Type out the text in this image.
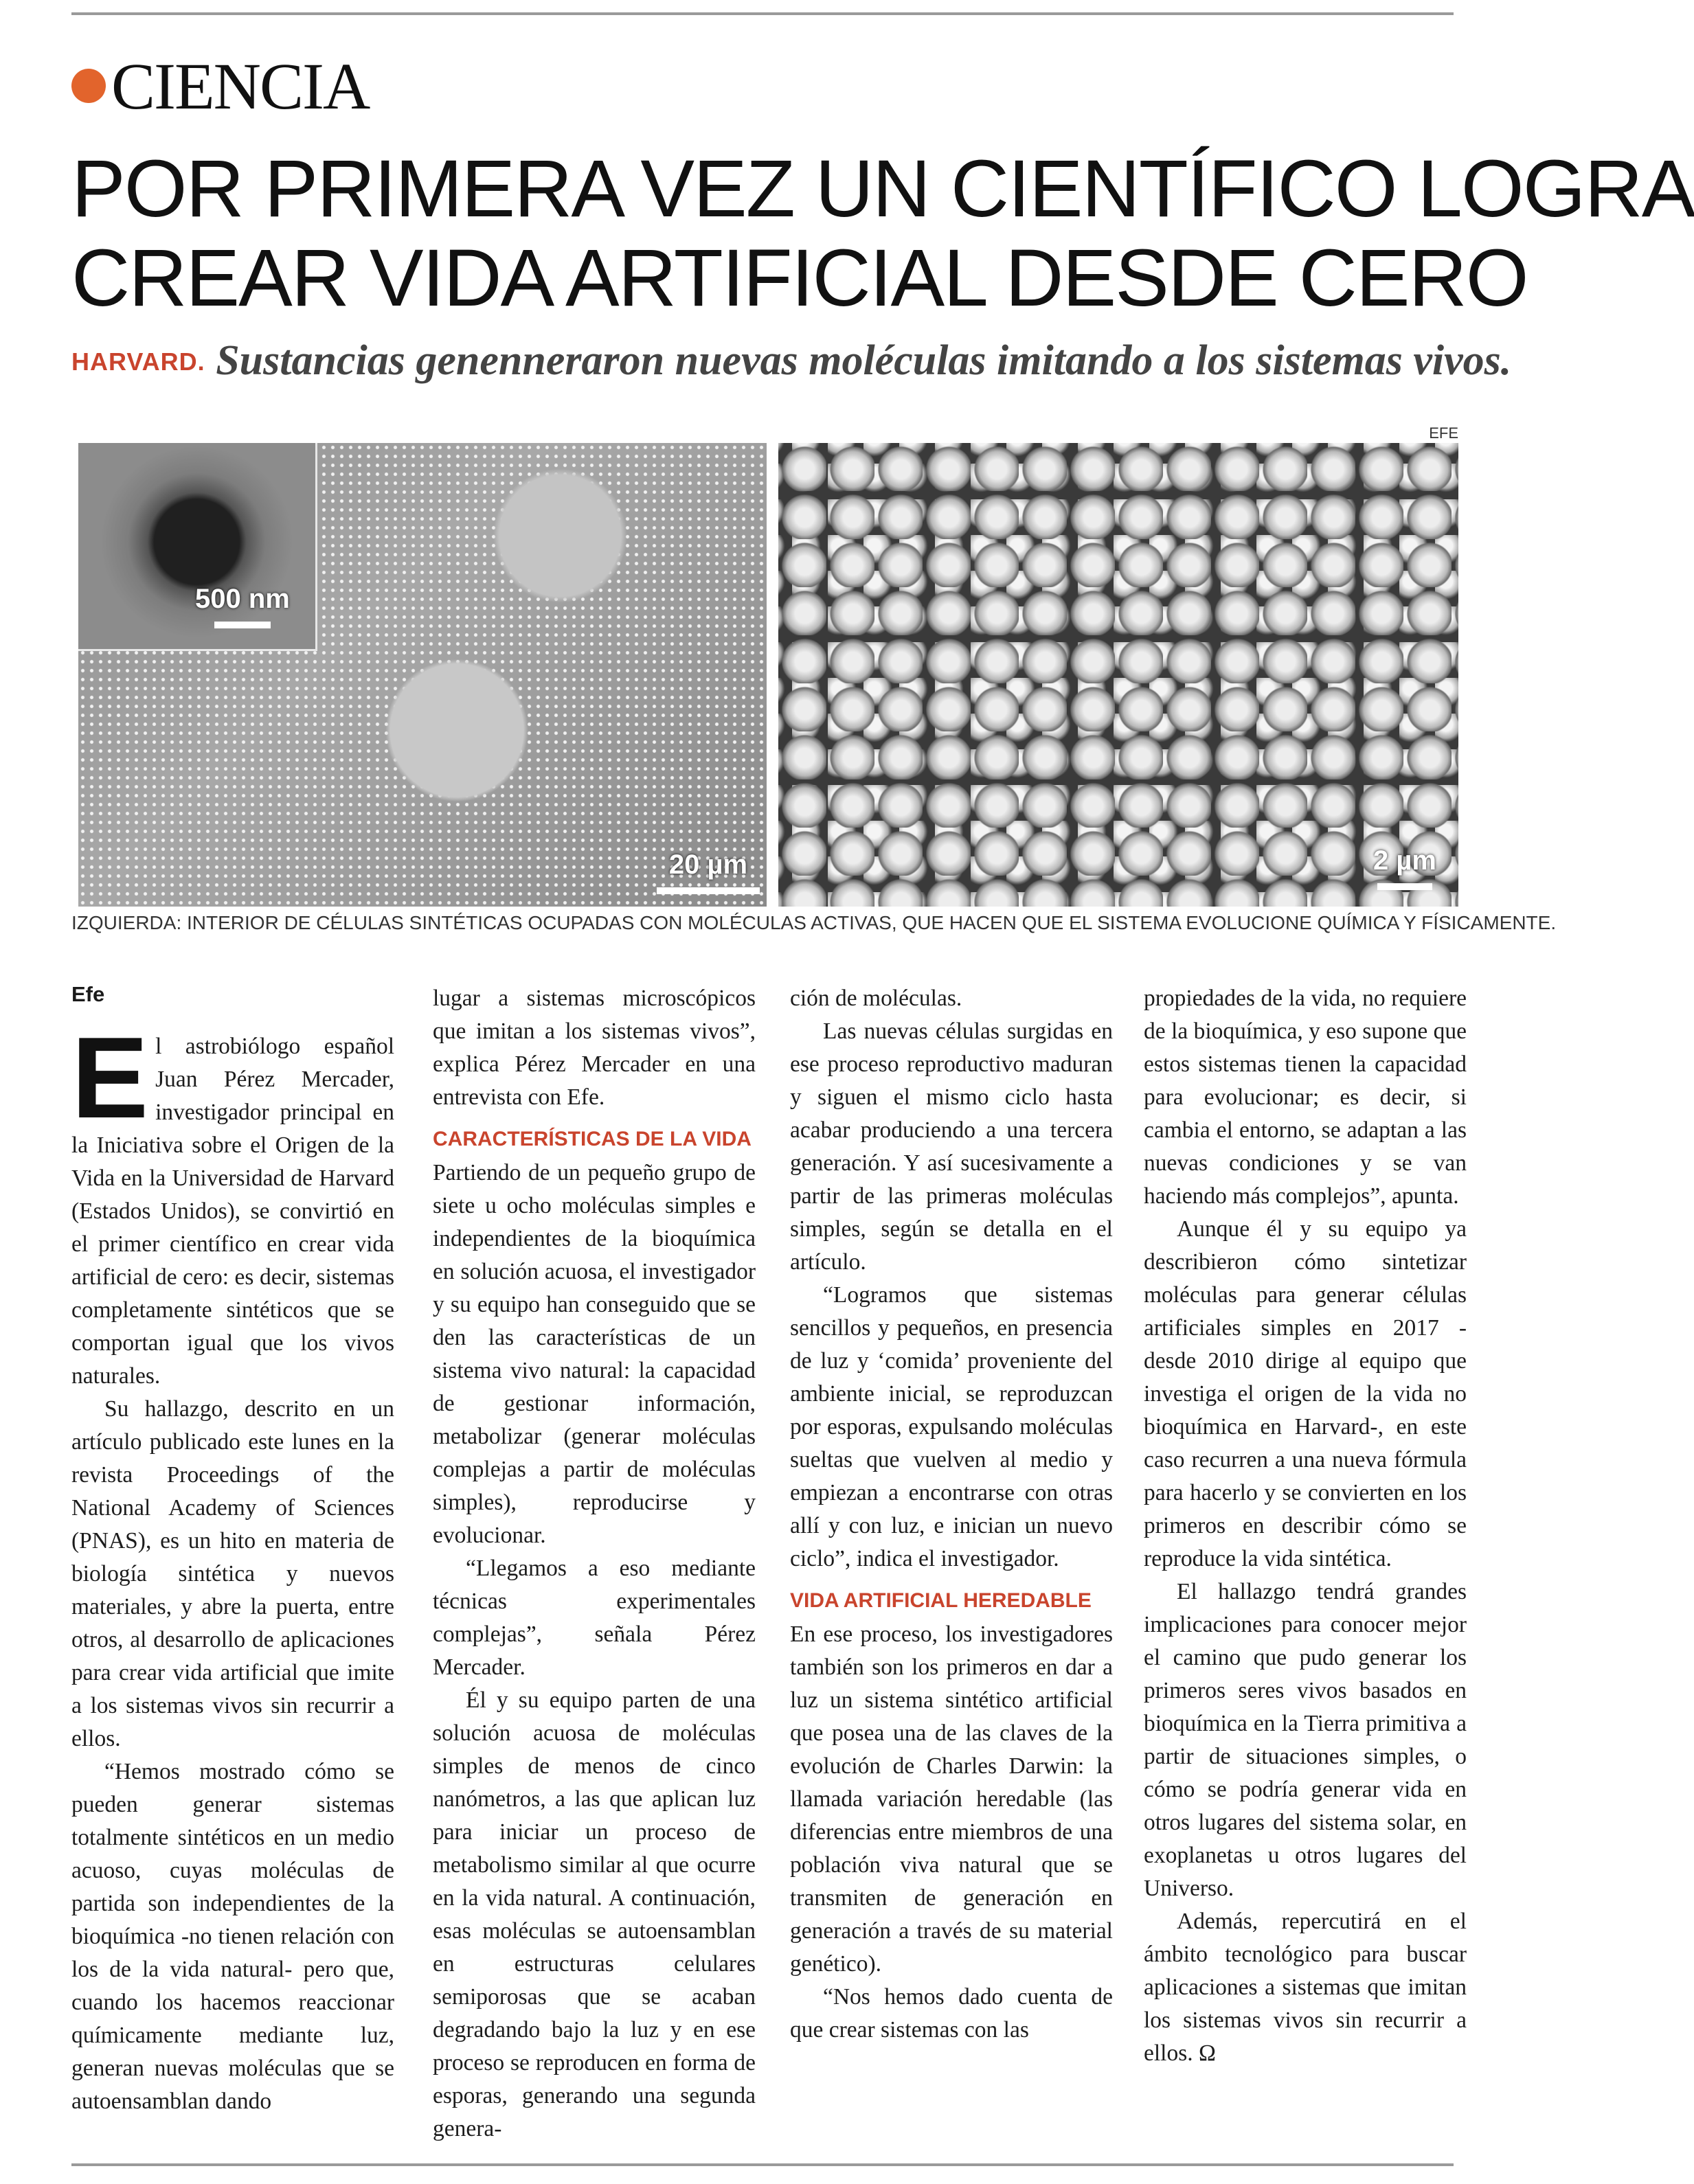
CIENCIA
POR PRIMERA VEZ UN CIENTÍFICO LOGRA
CREAR VIDA ARTIFICIAL DESDE CERO
HARVARD. Sustancias genenneraron nuevas moléculas imitando a los sistemas vivos.
EFE
500 nm
20 µm	2 µm
IZQUIERDA: INTERIOR DE CÉLULAS SINTÉTICAS OCUPADAS CON MOLÉCULAS ACTIVAS, QUE HACEN QUE EL SISTEMA EVOLUCIONE QUÍMICA Y FÍSICAMENTE.
Efe

El astrobiólogo español Juan Pérez Mercader, investigador principal en la Iniciativa sobre el Origen de la Vida en la Universidad de Harvard (Estados Unidos), se convirtió en el primer científico en crear vida artificial de cero: es decir, sistemas completamente sintéticos que se comportan igual que los vivos naturales.

Su hallazgo, descrito en un artículo publicado este lunes en la revista Proceedings of the National Academy of Sciences (PNAS), es un hito en materia de biología sintética y nuevos materiales, y abre la puerta, entre otros, al desarrollo de aplicaciones para crear vida artificial que imite a los sistemas vivos sin recurrir a ellos.

“Hemos mostrado cómo se pueden generar sistemas totalmente sintéticos en un medio acuoso, cuyas moléculas de partida son independientes de la bioquímica -no tienen relación con los de la vida natural- pero que, cuando los hacemos reaccionar químicamente mediante luz, generan nuevas moléculas que se autoensamblan dando

lugar a sistemas microscópicos que imitan a los sistemas vivos”, explica Pérez Mercader en una entrevista con Efe.

CARACTERÍSTICAS DE LA VIDA

Partiendo de un pequeño grupo de siete u ocho moléculas simples e independientes de la bioquímica en solución acuosa, el investigador y su equipo han conseguido que se den las características de un sistema vivo natural: la capacidad de gestionar información, metabolizar (generar moléculas complejas a partir de moléculas simples), reproducirse y evolucionar.

“Llegamos a eso mediante técnicas experimentales complejas”, señala Pérez Mercader.

Él y su equipo parten de una solución acuosa de moléculas simples de menos de cinco nanómetros, a las que aplican luz para iniciar un proceso de metabolismo similar al que ocurre en la vida natural. A continuación, esas moléculas se autoensamblan en estructuras celulares semiporosas que se acaban degradando bajo la luz y en ese proceso se reproducen en forma de esporas, generando una segunda genera-

ción de moléculas.

Las nuevas células surgidas en ese proceso reproductivo maduran y siguen el mismo ciclo hasta acabar produciendo a una tercera generación. Y así sucesivamente a partir de las primeras moléculas simples, según se detalla en el artículo.

“Logramos que sistemas sencillos y pequeños, en presencia de luz y ‘comida’ proveniente del ambiente inicial, se reproduzcan por esporas, expulsando moléculas sueltas que vuelven al medio y empiezan a encontrarse con otras allí y con luz, e inician un nuevo ciclo”, indica el investigador.

VIDA ARTIFICIAL HEREDABLE

En ese proceso, los investigadores también son los primeros en dar a luz un sistema sintético artificial que posea una de las claves de la evolución de Charles Darwin: la llamada variación heredable (las diferencias entre miembros de una población viva natural que se transmiten de generación en generación a través de su material genético).

“Nos hemos dado cuenta de que crear sistemas con las

propiedades de la vida, no requiere de la bioquímica, y eso supone que estos sistemas tienen la capacidad para evolucionar; es decir, si cambia el entorno, se adaptan a las nuevas condiciones y se van haciendo más complejos”, apunta.

Aunque él y su equipo ya describieron cómo sintetizar moléculas para generar células artificiales simples en 2017 - desde 2010 dirige al equipo que investiga el origen de la vida no bioquímica en Harvard-, en este caso recurren a una nueva fórmula para hacerlo y se convierten en los primeros en describir cómo se reproduce la vida sintética.

El hallazgo tendrá grandes implicaciones para conocer mejor el camino que pudo generar los primeros seres vivos basados en bioquímica en la Tierra primitiva a partir de situaciones simples, o cómo se podría generar vida en otros lugares del sistema solar, en exoplanetas u otros lugares del Universo.

Además, repercutirá en el ámbito tecnológico para buscar aplicaciones a sistemas que imitan los sistemas vivos sin recurrir a ellos. Ω
